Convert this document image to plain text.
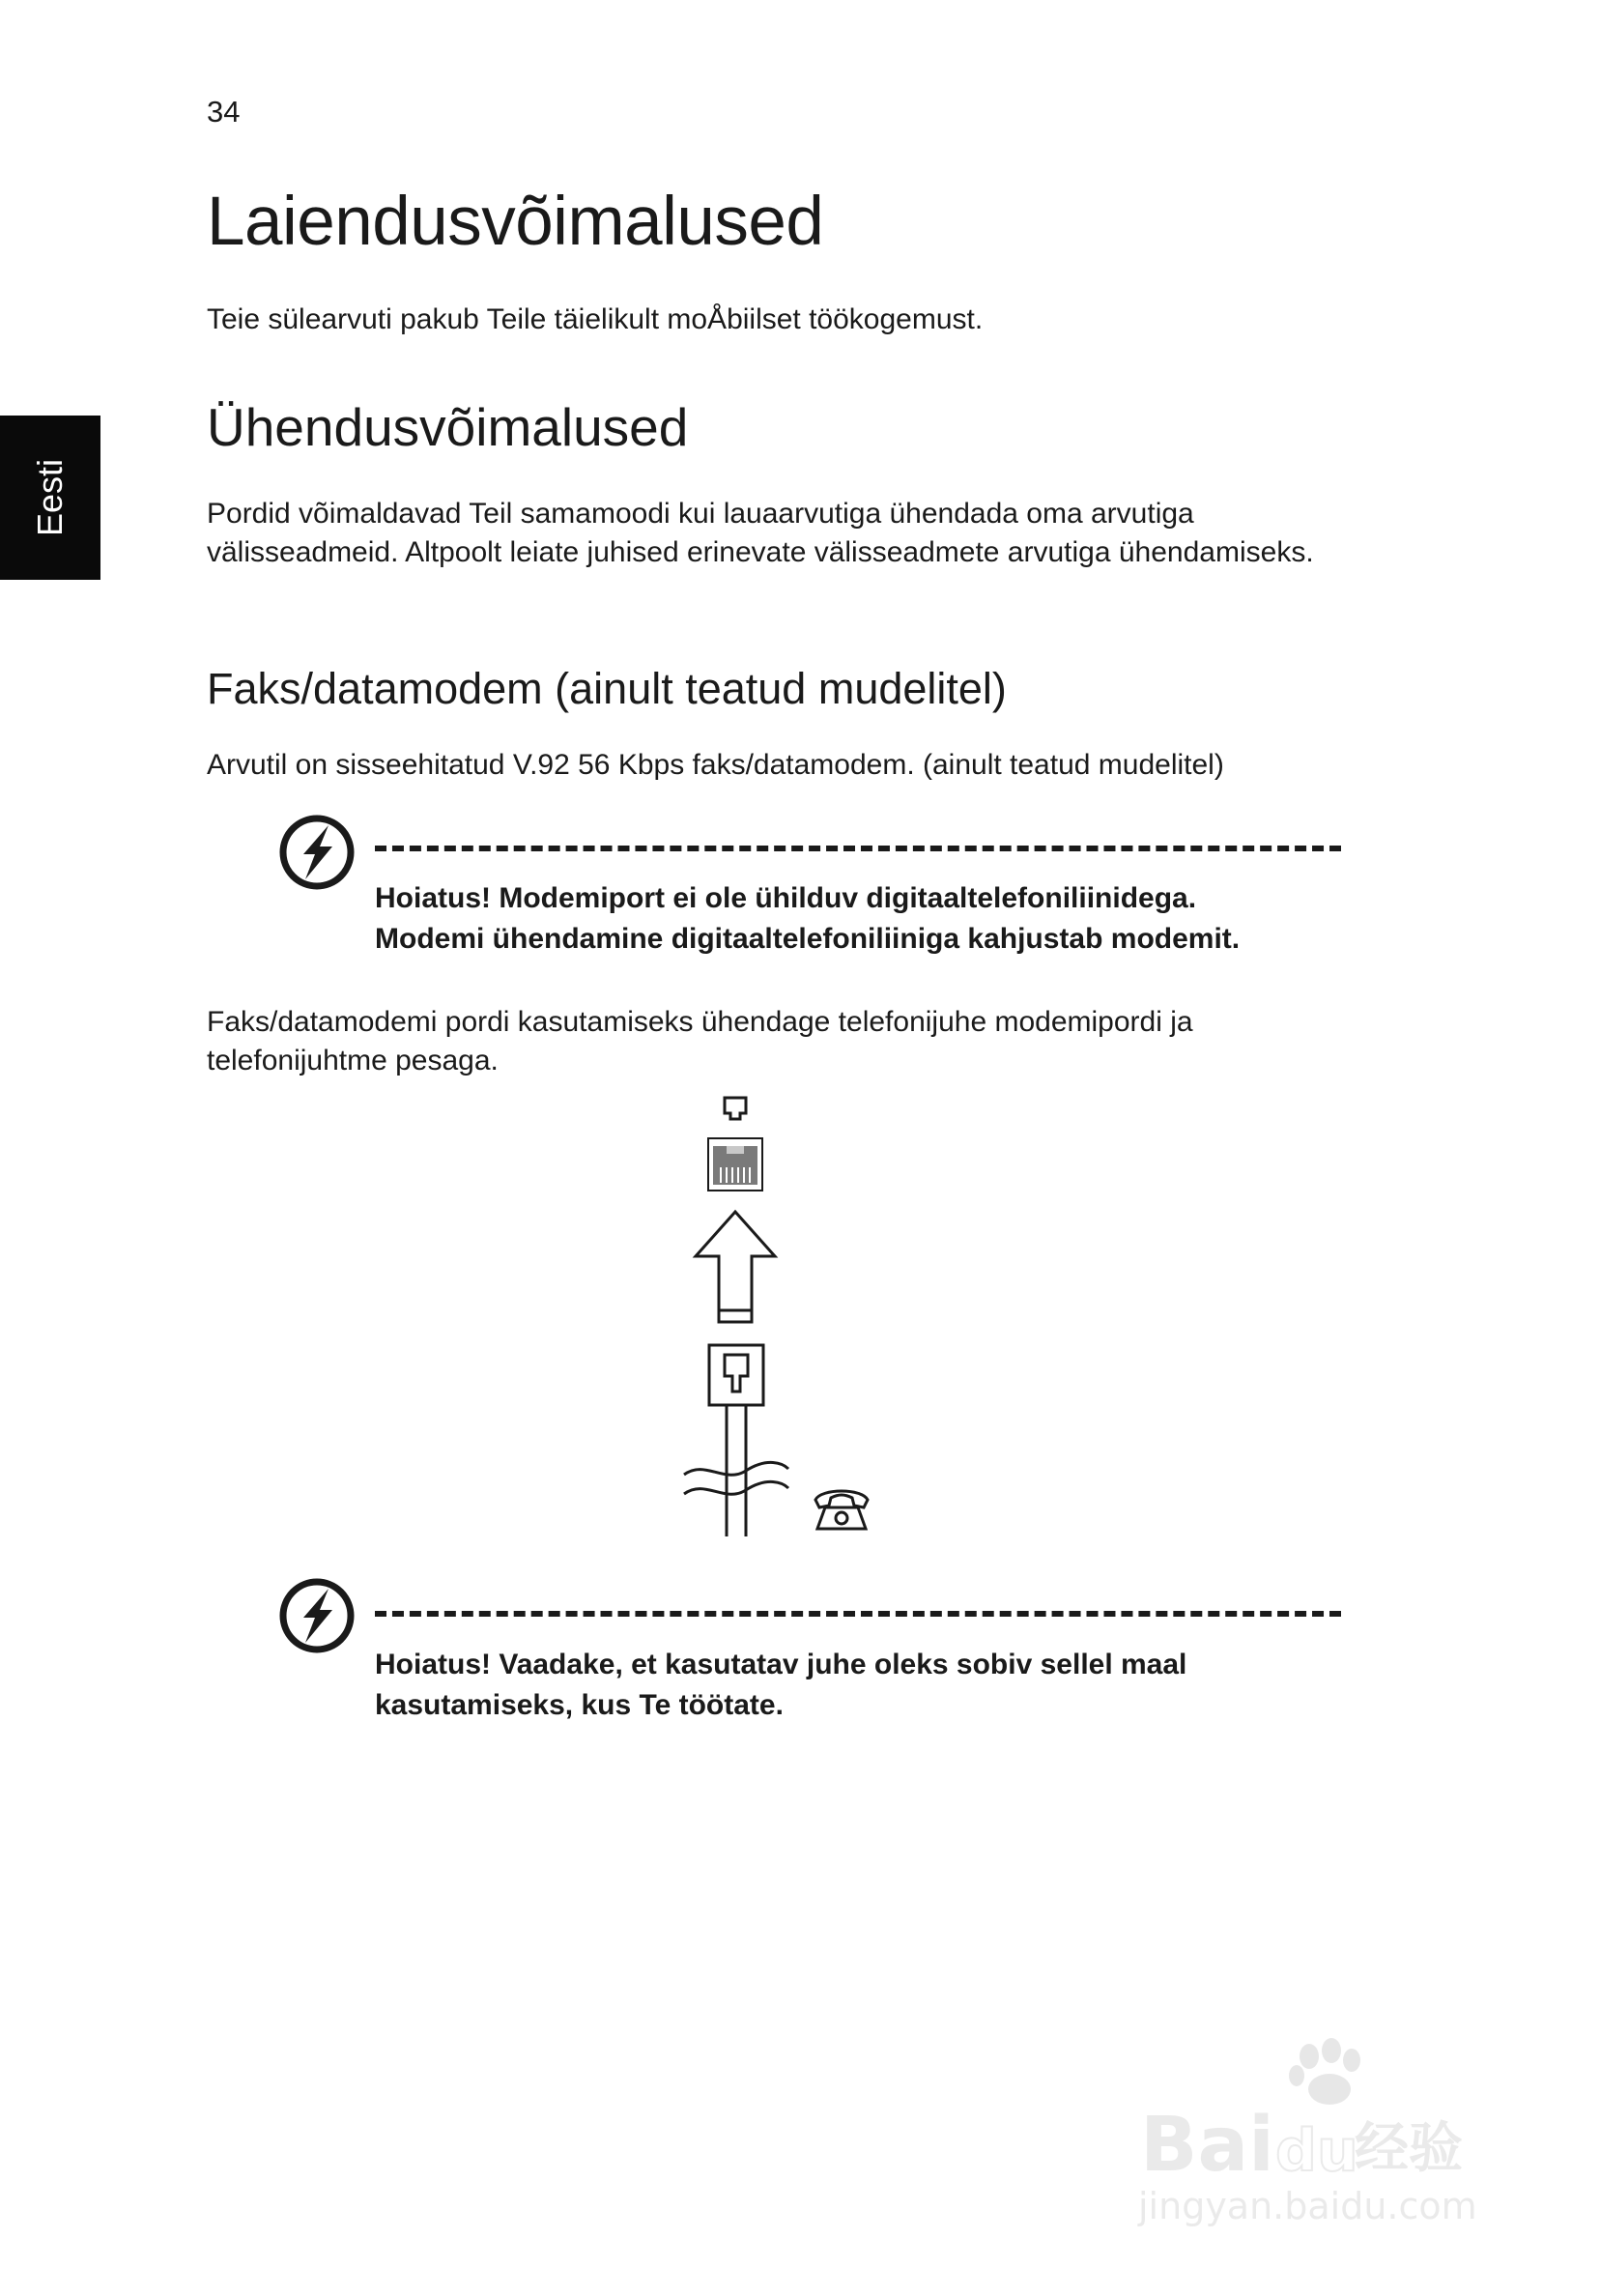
34
Eesti
Laiendusvõimalused
Teie sülearvuti pakub Teile täielikult moÅbiilset töökogemust.
Ühendusvõimalused
Pordid võimaldavad Teil samamoodi kui lauaarvutiga ühendada oma arvutiga välisseadmeid. Altpoolt leiate juhised erinevate välisseadmete arvutiga ühendamiseks.
Faks/datamodem (ainult teatud mudelitel)
Arvutil on sisseehitatud V.92 56 Kbps faks/datamodem. (ainult teatud mudelitel)
Hoiatus! Modemiport ei ole ühilduv digitaaltelefoniliinidega.
Modemi ühendamine digitaaltelefoniliiniga kahjustab modemit.
Faks/datamodemi pordi kasutamiseks ühendage telefonijuhe modemipordi ja telefonijuhtme pesaga.
Hoiatus! Vaadake, et kasutatav juhe oleks sobiv sellel maal
kasutamiseks, kus Te töötate.
Bai du
经验
jingyan.baidu.com
